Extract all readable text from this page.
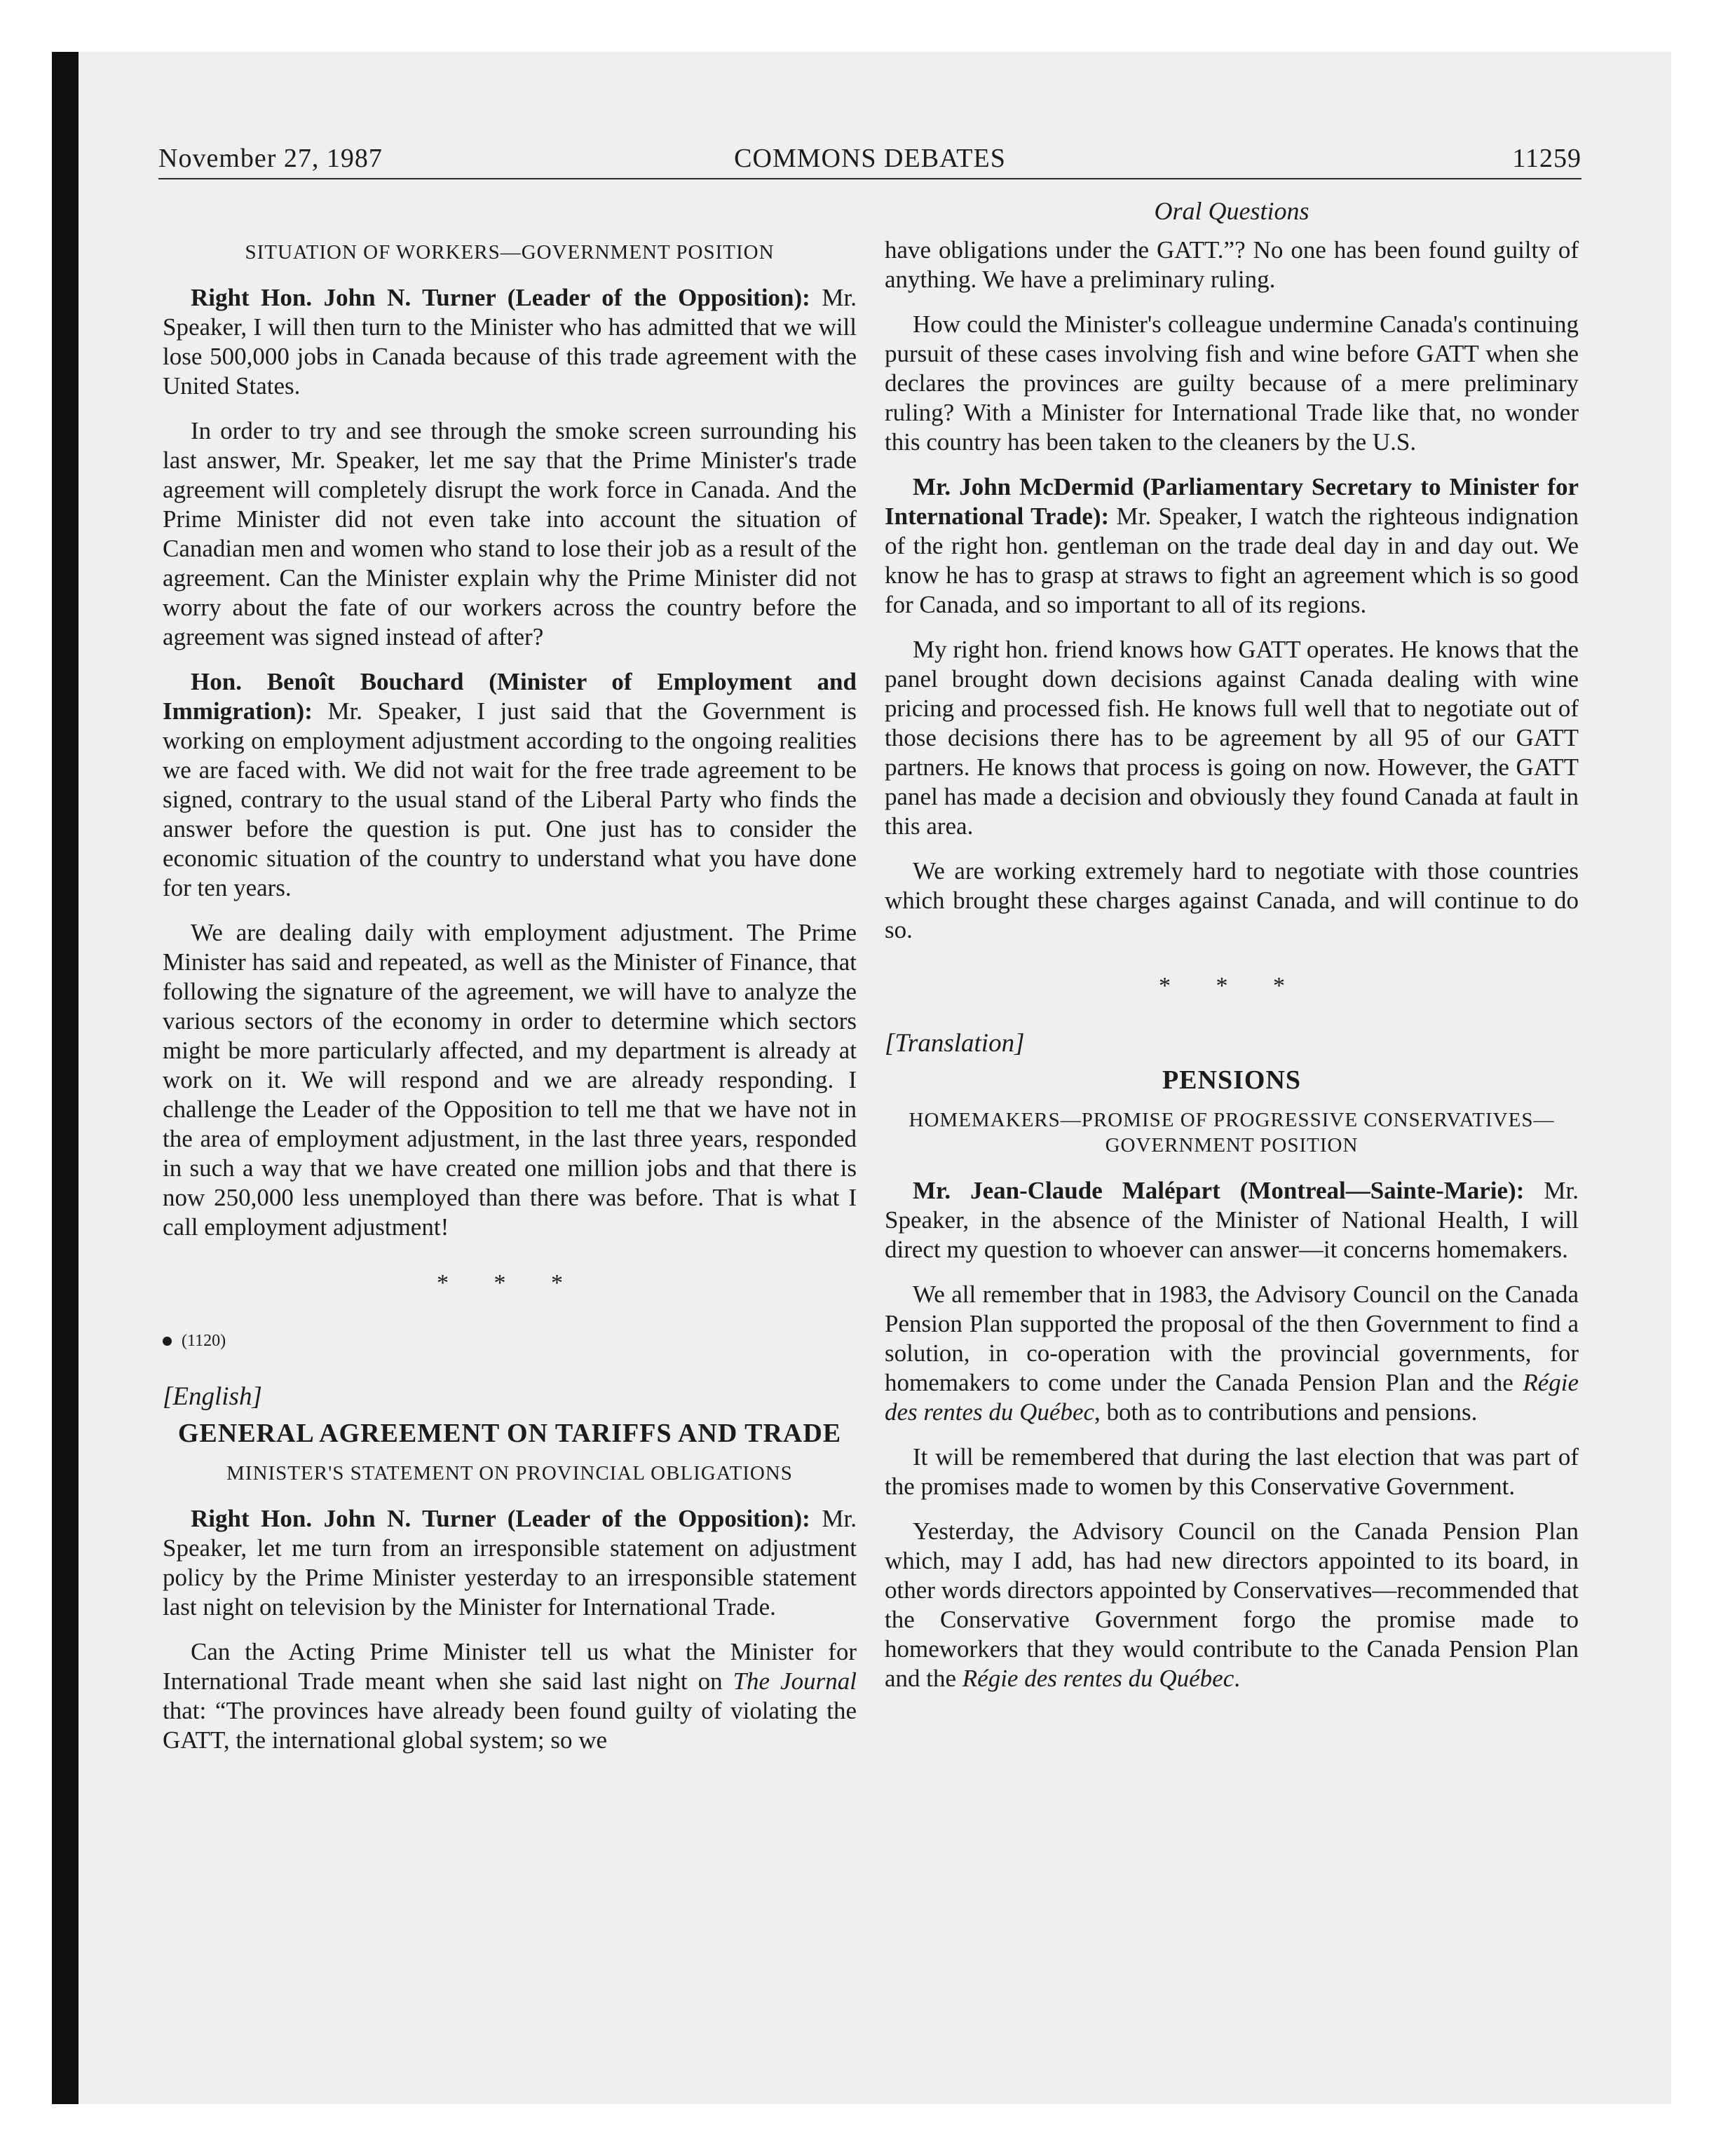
November 27, 1987	COMMONS DEBATES	11259
SITUATION OF WORKERS—GOVERNMENT POSITION

Right Hon. John N. Turner (Leader of the Opposition): Mr. Speaker, I will then turn to the Minister who has admitted that we will lose 500,000 jobs in Canada because of this trade agreement with the United States.

In order to try and see through the smoke screen surrounding his last answer, Mr. Speaker, let me say that the Prime Minister's trade agreement will completely disrupt the work force in Canada. And the Prime Minister did not even take into account the situation of Canadian men and women who stand to lose their job as a result of the agreement. Can the Minister explain why the Prime Minister did not worry about the fate of our workers across the country before the agreement was signed instead of after?

Hon. Benoît Bouchard (Minister of Employment and Immigration): Mr. Speaker, I just said that the Government is working on employment adjustment according to the ongoing realities we are faced with. We did not wait for the free trade agreement to be signed, contrary to the usual stand of the Liberal Party who finds the answer before the question is put. One just has to consider the economic situation of the country to understand what you have done for ten years.

We are dealing daily with employment adjustment. The Prime Minister has said and repeated, as well as the Minister of Finance, that following the signature of the agreement, we will have to analyze the various sectors of the economy in order to determine which sectors might be more particularly affected, and my department is already at work on it. We will respond and we are already responding. I challenge the Leader of the Opposition to tell me that we have not in the area of employment adjustment, in the last three years, responded in such a way that we have created one million jobs and that there is now 250,000 less unemployed than there was before. That is what I call employment adjustment!

* * *
(1120)
[English]
GENERAL AGREEMENT ON TARIFFS AND TRADE
MINISTER'S STATEMENT ON PROVINCIAL OBLIGATIONS

Right Hon. John N. Turner (Leader of the Opposition): Mr. Speaker, let me turn from an irresponsible statement on adjustment policy by the Prime Minister yesterday to an irresponsible statement last night on television by the Minister for International Trade.

Can the Acting Prime Minister tell us what the Minister for International Trade meant when she said last night on The Journal that: “The provinces have already been found guilty of violating the GATT, the international global system; so we

Oral Questions

have obligations under the GATT.”? No one has been found guilty of anything. We have a preliminary ruling.

How could the Minister's colleague undermine Canada's continuing pursuit of these cases involving fish and wine before GATT when she declares the provinces are guilty because of a mere preliminary ruling? With a Minister for International Trade like that, no wonder this country has been taken to the cleaners by the U.S.

Mr. John McDermid (Parliamentary Secretary to Minister for International Trade): Mr. Speaker, I watch the righteous indignation of the right hon. gentleman on the trade deal day in and day out. We know he has to grasp at straws to fight an agreement which is so good for Canada, and so important to all of its regions.

My right hon. friend knows how GATT operates. He knows that the panel brought down decisions against Canada dealing with wine pricing and processed fish. He knows full well that to negotiate out of those decisions there has to be agreement by all 95 of our GATT partners. He knows that process is going on now. However, the GATT panel has made a decision and obviously they found Canada at fault in this area.

We are working extremely hard to negotiate with those countries which brought these charges against Canada, and will continue to do so.

* * *
[Translation]
PENSIONS
HOMEMAKERS—PROMISE OF PROGRESSIVE CONSERVATIVES—GOVERNMENT POSITION

Mr. Jean-Claude Malépart (Montreal—Sainte-Marie): Mr. Speaker, in the absence of the Minister of National Health, I will direct my question to whoever can answer—it concerns homemakers.

We all remember that in 1983, the Advisory Council on the Canada Pension Plan supported the proposal of the then Government to find a solution, in co-operation with the provincial governments, for homemakers to come under the Canada Pension Plan and the Régie des rentes du Québec, both as to contributions and pensions.

It will be remembered that during the last election that was part of the promises made to women by this Conservative Government.

Yesterday, the Advisory Council on the Canada Pension Plan which, may I add, has had new directors appointed to its board, in other words directors appointed by Conservatives—recommended that the Conservative Government forgo the promise made to homeworkers that they would contribute to the Canada Pension Plan and the Régie des rentes du Québec.
